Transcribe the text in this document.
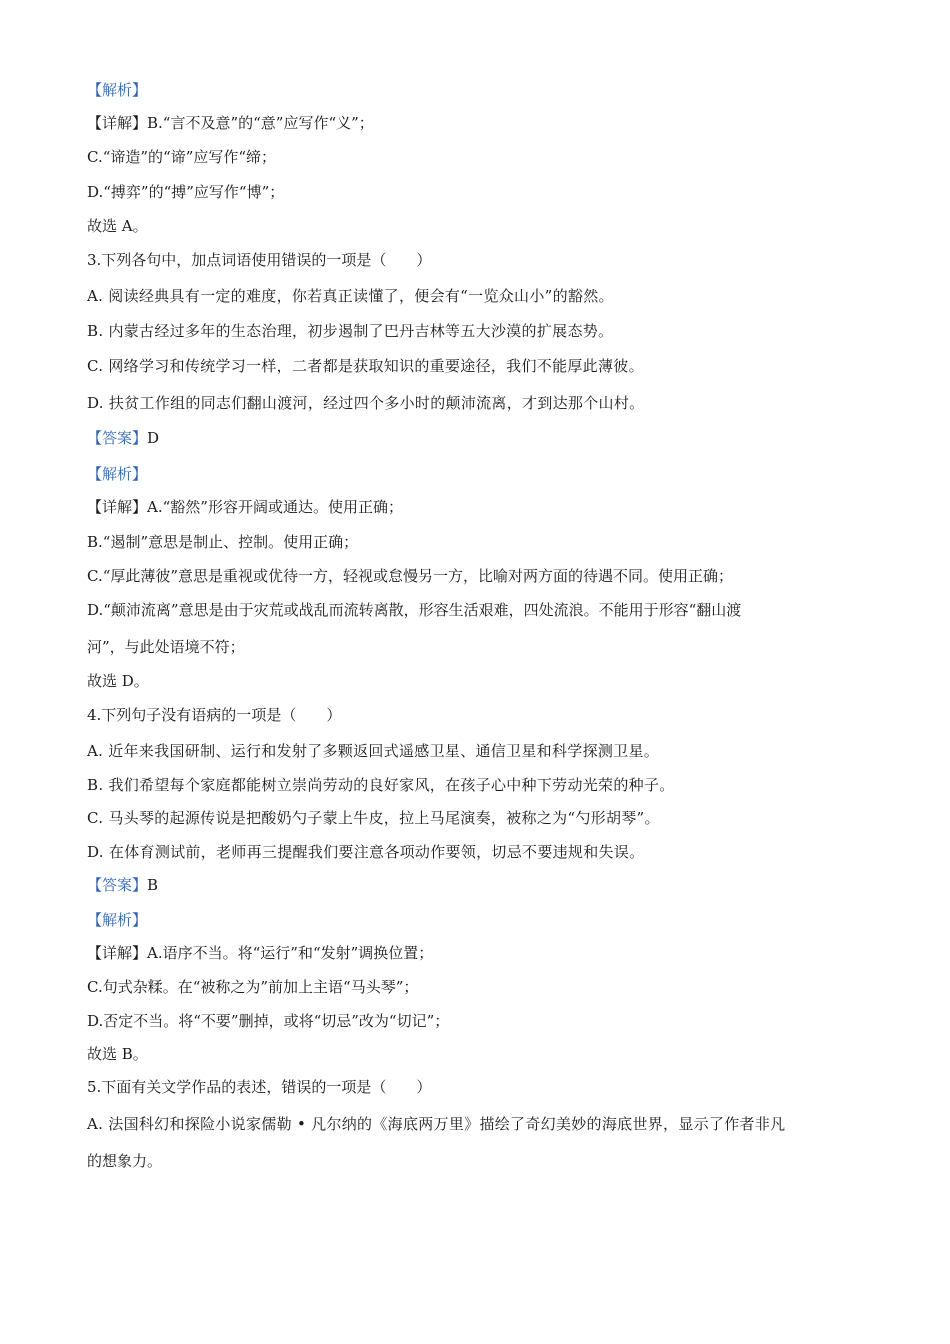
【解析】
【详解】B.“言不及意”的“意”应写作“义”；
C.“谛造”的“谛”应写作“缔；
D.“搏弈”的“搏”应写作“博”；
故选 A。
3.下列各句中，加点词语使用错误的一项是（　　）
A. 阅读经典具有一定的难度，你若真正读懂了，便会有“一览众山小”的豁然。
B. 内蒙古经过多年的生态治理，初步遏制了巴丹吉林等五大沙漠的扩展态势。
C. 网络学习和传统学习一样，二者都是获取知识的重要途径，我们不能厚此薄彼。
D. 扶贫工作组的同志们翻山渡河，经过四个多小时的颠沛流离，才到达那个山村。
【答案】D
【解析】
【详解】A.“豁然”形容开阔或通达。使用正确；
B.“遏制”意思是制止、控制。使用正确；
C.“厚此薄彼”意思是重视或优待一方，轻视或怠慢另一方，比喻对两方面的待遇不同。使用正确；
D.“颠沛流离”意思是由于灾荒或战乱而流转离散，形容生活艰难，四处流浪。不能用于形容“翻山渡
河”，与此处语境不符；
故选 D。
4.下列句子没有语病的一项是（　　）
A. 近年来我国研制、运行和发射了多颗返回式遥感卫星、通信卫星和科学探测卫星。
B. 我们希望每个家庭都能树立崇尚劳动的良好家风，在孩子心中种下劳动光荣的种子。
C. 马头琴的起源传说是把酸奶勺子蒙上牛皮，拉上马尾演奏，被称之为“勺形胡琴”。
D. 在体育测试前，老师再三提醒我们要注意各项动作要领，切忌不要违规和失误。
【答案】B
【解析】
【详解】A.语序不当。将“运行”和“发射”调换位置；
C.句式杂糅。在“被称之为”前加上主语“马头琴”；
D.否定不当。将“不要”删掉，或将“切忌”改为“切记”；
故选 B。
5.下面有关文学作品的表述，错误的一项是（　　）
A. 法国科幻和探险小说家儒勒 • 凡尔纳的《海底两万里》描绘了奇幻美妙的海底世界，显示了作者非凡
的想象力。
